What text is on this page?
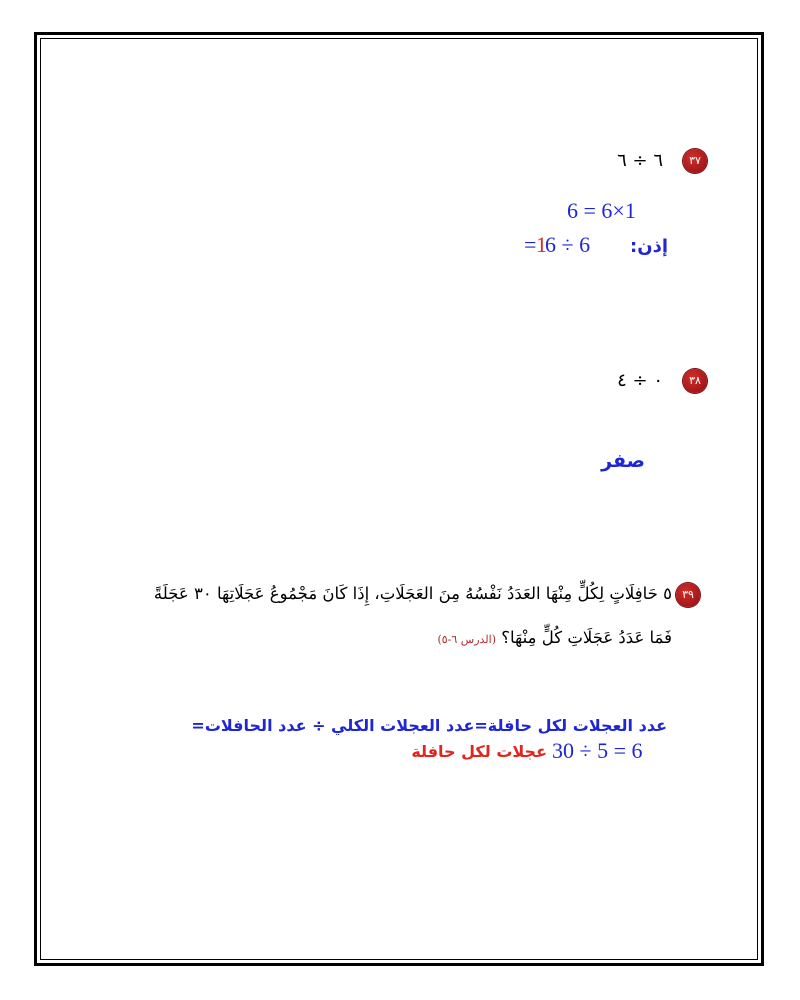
٣٧
٦ ÷ ٦
6 = 6×1
إذن:
6 ÷ 6
= 1
٣٨
٠ ÷ ٤
صفر
٣٩
٥ حَافِلَاتٍ لِكُلٍّ مِنْهَا العَدَدُ نَفْسُهُ مِنَ العَجَلَاتِ، إِذَا كَانَ مَجْمُوعُ عَجَلَاتِهَا ٣٠ عَجَلَةً
فَمَا عَدَدُ عَجَلَاتِ كُلٍّ مِنْهَا؟ (الدرس ٦-٥)
عدد العجلات لكل حافلة=عدد العجلات الكلي ÷ عدد الحافلات=
عجلات لكل حافلة 30 ÷ 5 = 6
